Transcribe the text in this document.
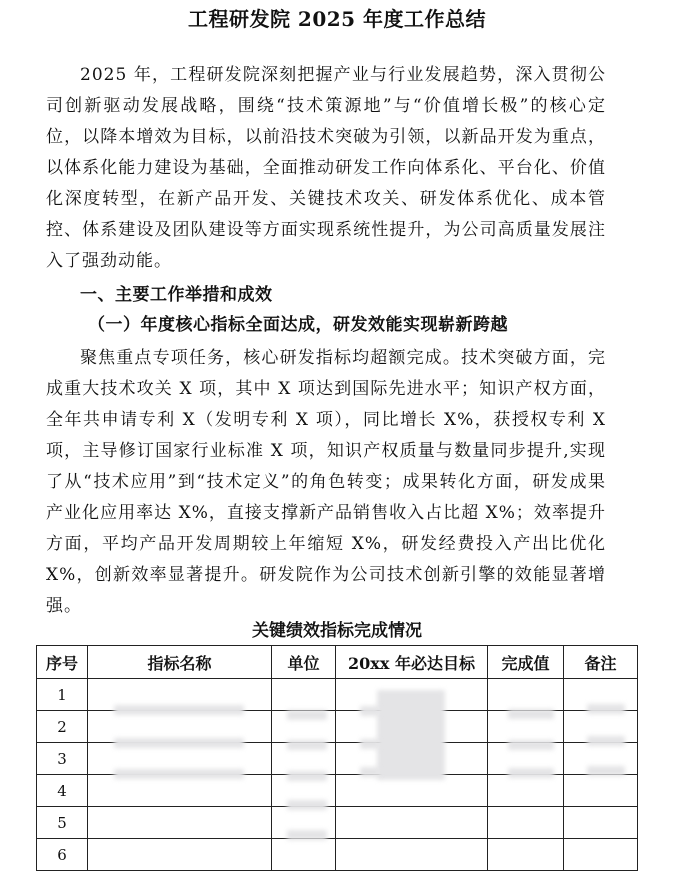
工程研发院 2025 年度工作总结

2025 年，工程研发院深刻把握产业与行业发展趋势，深入贯彻公司创新驱动发展战略，围绕“技术策源地”与“价值增长极”的核心定位，以降本增效为目标，以前沿技术突破为引领，以新品开发为重点，以体系化能力建设为基础，全面推动研发工作向体系化、平台化、价值化深度转型，在新产品开发、关键技术攻关、研发体系优化、成本管控、体系建设及团队建设等方面实现系统性提升，为公司高质量发展注入了强劲动能。

一、主要工作举措和成效
（一）年度核心指标全面达成，研发效能实现崭新跨越

聚焦重点专项任务，核心研发指标均超额完成。技术突破方面，完成重大技术攻关 X 项，其中 X 项达到国际先进水平；知识产权方面，全年共申请专利 X（发明专利 X 项），同比增长 X%，获授权专利 X 项，主导修订国家行业标准 X 项，知识产权质量与数量同步提升,实现了从“技术应用”到“技术定义”的角色转变；成果转化方面，研发成果产业化应用率达 X%，直接支撑新产品销售收入占比超 X%；效率提升方面，平均产品开发周期较上年缩短 X%，研发经费投入产出比优化 X%，创新效率显著提升。研发院作为公司技术创新引擎的效能显著增强。

关键绩效指标完成情况
序号	指标名称	单位	20xx 年必达目标	完成值	备注
1					
2					
3					
4					
5					
6					
